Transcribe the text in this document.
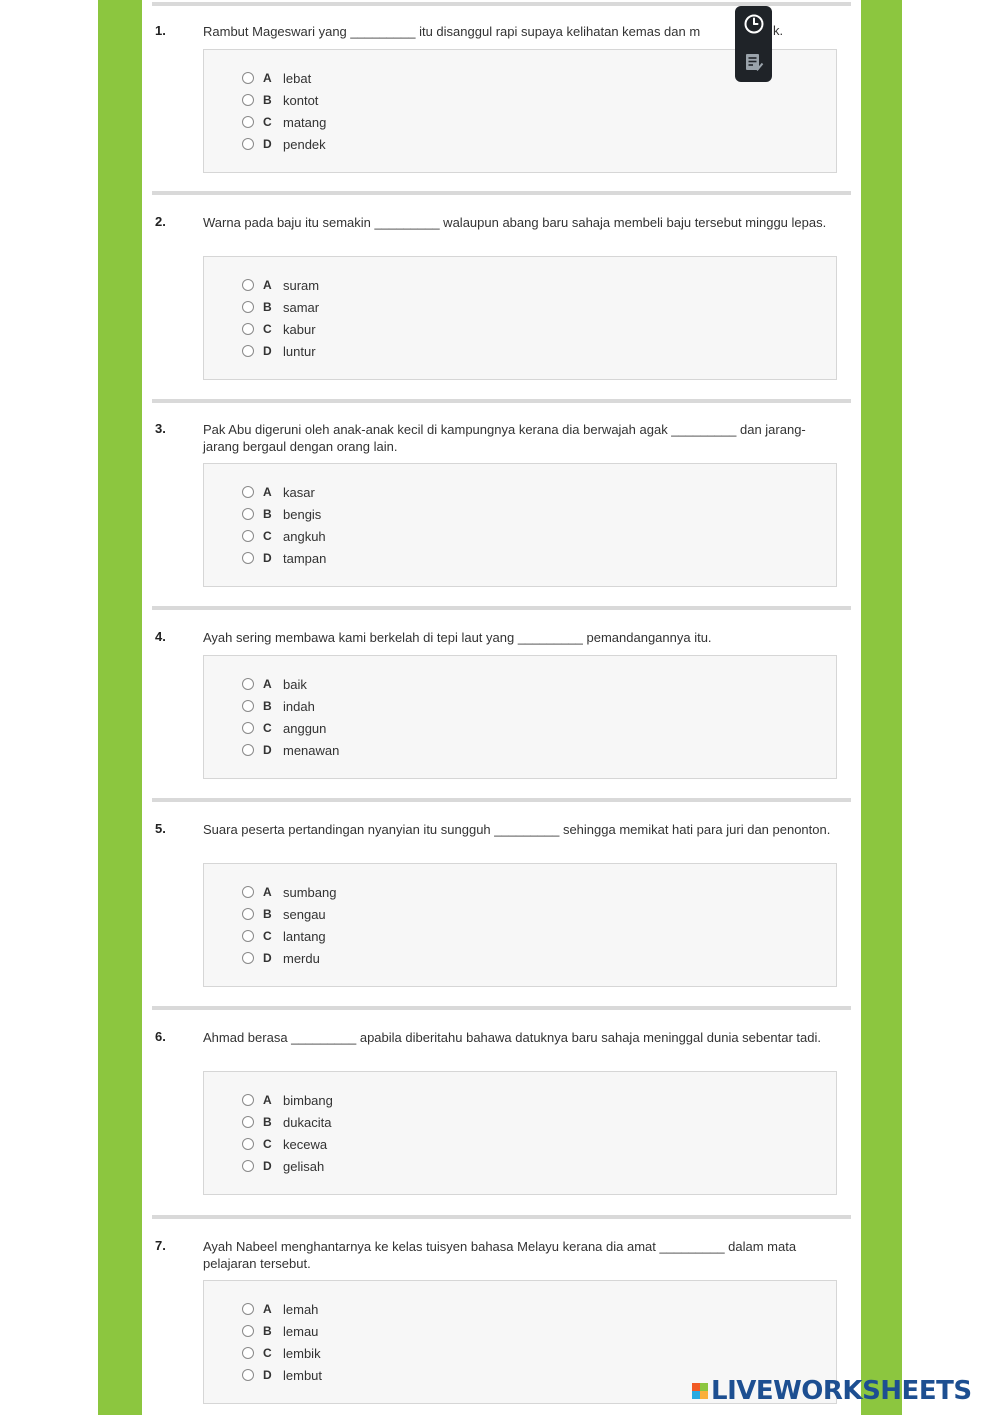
1.	Rambut Mageswari yang _________ itu disanggul rapi supaya kelihatan kemas dan m	k.
A lebat
B kontot
C matang
D pendek
2.	Warna pada baju itu semakin _________ walaupun abang baru sahaja membeli baju tersebut minggu lepas.
A suram
B samar
C kabur
D luntur
3.	Pak Abu digeruni oleh anak-anak kecil di kampungnya kerana dia berwajah agak _________ dan jarang-jarang bergaul dengan orang lain.
A kasar
B bengis
C angkuh
D tampan
4.	Ayah sering membawa kami berkelah di tepi laut yang _________ pemandangannya itu.
A baik
B indah
C anggun
D menawan
5.	Suara peserta pertandingan nyanyian itu sungguh _________ sehingga memikat hati para juri dan penonton.
A sumbang
B sengau
C lantang
D merdu
6.	Ahmad berasa _________ apabila diberitahu bahawa datuknya baru sahaja meninggal dunia sebentar tadi.
A bimbang
B dukacita
C kecewa
D gelisah
7.	Ayah Nabeel menghantarnya ke kelas tuisyen bahasa Melayu kerana dia amat _________ dalam mata pelajaran tersebut.
A lemah
B lemau
C lembik
D lembut
LIVEWORKSHEETS
